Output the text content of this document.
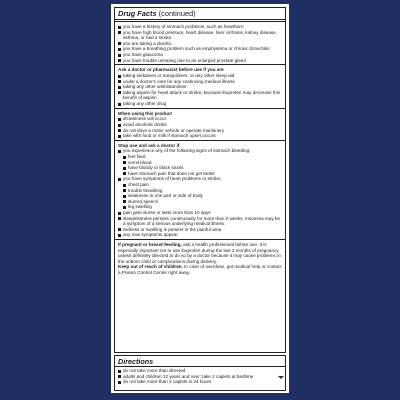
Drug Facts (continued)
you have a history of stomach problems, such as heartburn
you have high blood pressure, heart disease, liver cirrhosis, kidney disease, asthma, or had a stroke
you are taking a diuretic
you have a breathing problem such as emphysema or chronic bronchitis
you have glaucoma
you have trouble urinating due to an enlarged prostate gland
Ask a doctor or pharmacist before use if you are
taking sedatives or tranquilizers, or any other sleep-aid
under a doctor's care for any continuing medical illness
taking any other antihistamines
taking aspirin for heart attack or stroke, because ibuprofen may decrease this benefit of aspirin
taking any other drug
When using this product
drowsiness will occur
avoid alcoholic drinks
do not drive a motor vehicle or operate machinery
take with food or milk if stomach upset occurs
Stop use and ask a doctor if
you experience any of the following signs of stomach bleeding:
feel faint
vomit blood
have bloody or black stools
have stomach pain that does not get better
you have symptoms of heart problems or stroke:
chest pain
trouble breathing
weakness in one part or side of body
slurred speech
leg swelling
pain gets worse or lasts more than 10 days
sleeplessness persists continuously for more than 2 weeks. Insomnia may be a symptom of a serious underlying medical illness.
redness or swelling is present in the painful area
any new symptoms appear
If pregnant or breast-feeding, ask a health professional before use. It is especially important not to use ibuprofen during the last 3 months of pregnancy unless definitely directed to do so by a doctor because it may cause problems in the unborn child or complications during delivery.
Keep out of reach of children. In case of overdose, get medical help or contact a Poison Control Center right away.
Directions
do not take more than directed
adults and children 12 years and over: take 2 caplets at bedtime
do not take more than 2 caplets in 24 hours
